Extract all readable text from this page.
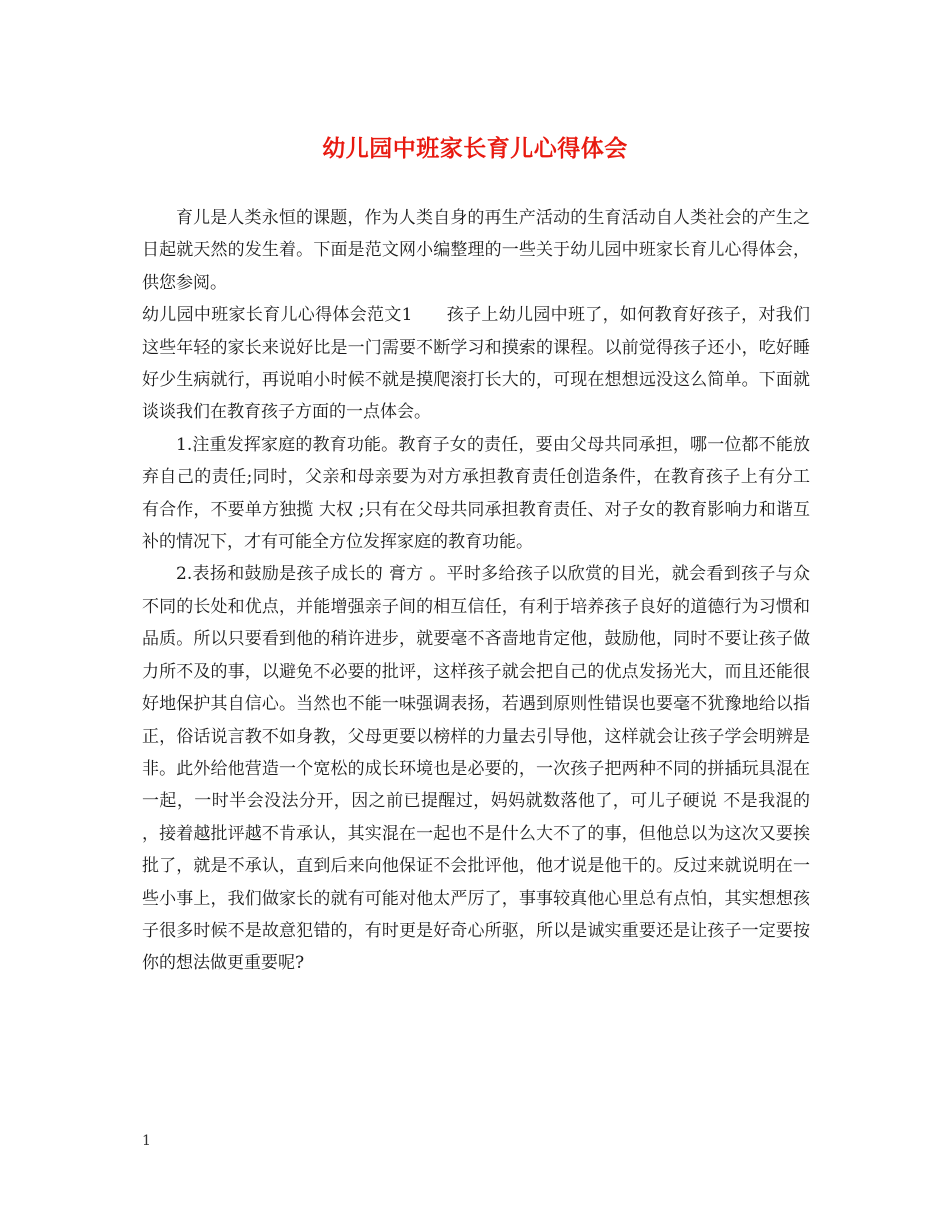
幼儿园中班家长育儿心得体会

育儿是人类永恒的课题，作为人类自身的再生产活动的生育活动自人类社会的产生之日起就天然的发生着。下面是范文网小编整理的一些关于幼儿园中班家长育儿心得体会，供您参阅。

幼儿园中班家长育儿心得体会范文1 孩子上幼儿园中班了，如何教育好孩子，对我们这些年轻的家长来说好比是一门需要不断学习和摸索的课程。以前觉得孩子还小，吃好睡好少生病就行，再说咱小时候不就是摸爬滚打长大的，可现在想想远没这么简单。下面就谈谈我们在教育孩子方面的一点体会。

1.注重发挥家庭的教育功能。教育子女的责任，要由父母共同承担，哪一位都不能放弃自己的责任;同时，父亲和母亲要为对方承担教育责任创造条件，在教育孩子上有分工有合作，不要单方独揽 大权 ;只有在父母共同承担教育责任、对子女的教育影响力和谐互补的情况下，才有可能全方位发挥家庭的教育功能。

2.表扬和鼓励是孩子成长的 膏方 。平时多给孩子以欣赏的目光，就会看到孩子与众不同的长处和优点，并能增强亲子间的相互信任，有利于培养孩子良好的道德行为习惯和品质。所以只要看到他的稍许进步，就要毫不吝啬地肯定他，鼓励他，同时不要让孩子做力所不及的事，以避免不必要的批评，这样孩子就会把自己的优点发扬光大，而且还能很好地保护其自信心。当然也不能一味强调表扬，若遇到原则性错误也要毫不犹豫地给以指正，俗话说言教不如身教，父母更要以榜样的力量去引导他，这样就会让孩子学会明辨是非。此外给他营造一个宽松的成长环境也是必要的，一次孩子把两种不同的拼插玩具混在一起，一时半会没法分开，因之前已提醒过，妈妈就数落他了，可儿子硬说 不是我混的 ，接着越批评越不肯承认，其实混在一起也不是什么大不了的事，但他总以为这次又要挨批了，就是不承认，直到后来向他保证不会批评他，他才说是他干的。反过来就说明在一些小事上，我们做家长的就有可能对他太严厉了，事事较真他心里总有点怕，其实想想孩子很多时候不是故意犯错的，有时更是好奇心所驱，所以是诚实重要还是让孩子一定要按你的想法做更重要呢?

1
